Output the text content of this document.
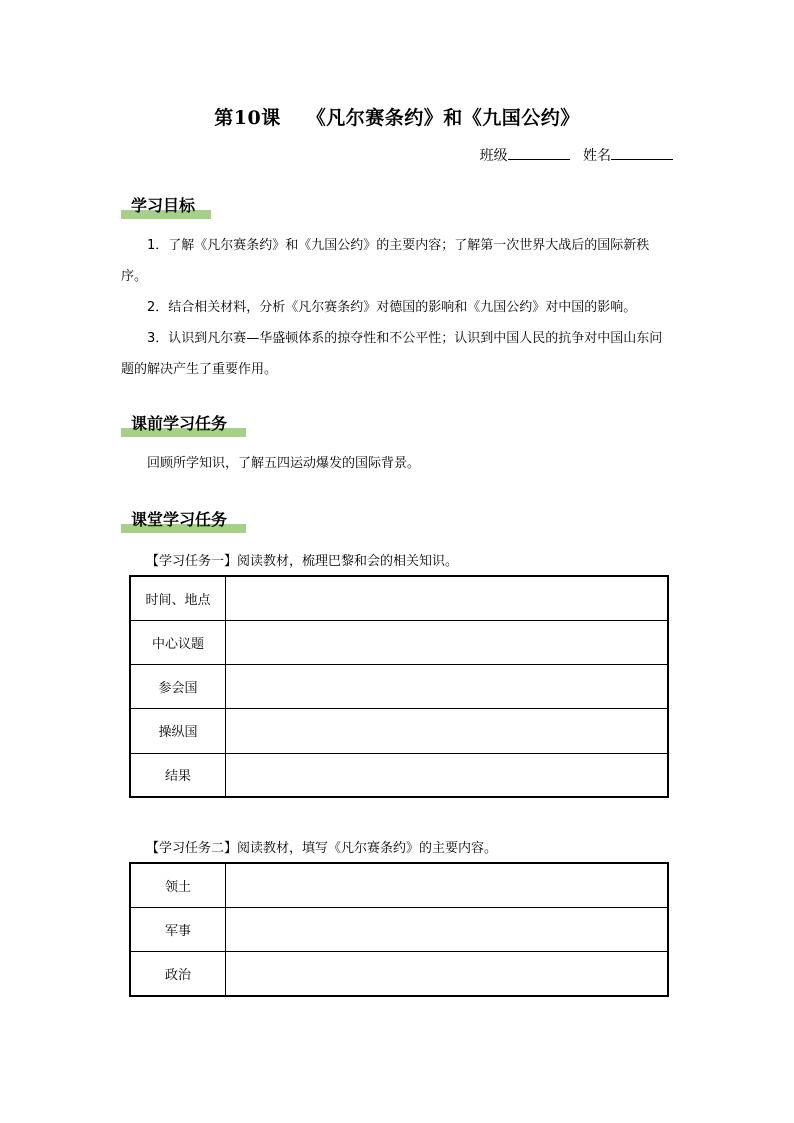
第10课 《凡尔赛条约》和《九国公约》
班级	姓名
学习目标

1．了解《凡尔赛条约》和《九国公约》的主要内容；了解第一次世界大战后的国际新秩序。

2．结合相关材料，分析《凡尔赛条约》对德国的影响和《九国公约》对中国的影响。

3．认识到凡尔赛—华盛顿体系的掠夺性和不公平性；认识到中国人民的抗争对中国山东问题的解决产生了重要作用。

课前学习任务

回顾所学知识，了解五四运动爆发的国际背景。

课堂学习任务
【学习任务一】阅读教材，梳理巴黎和会的相关知识。
时间、地点	
中心议题	
参会国	
操纵国	
结果	
【学习任务二】阅读教材，填写《凡尔赛条约》的主要内容。
领土	
军事	
政治	
